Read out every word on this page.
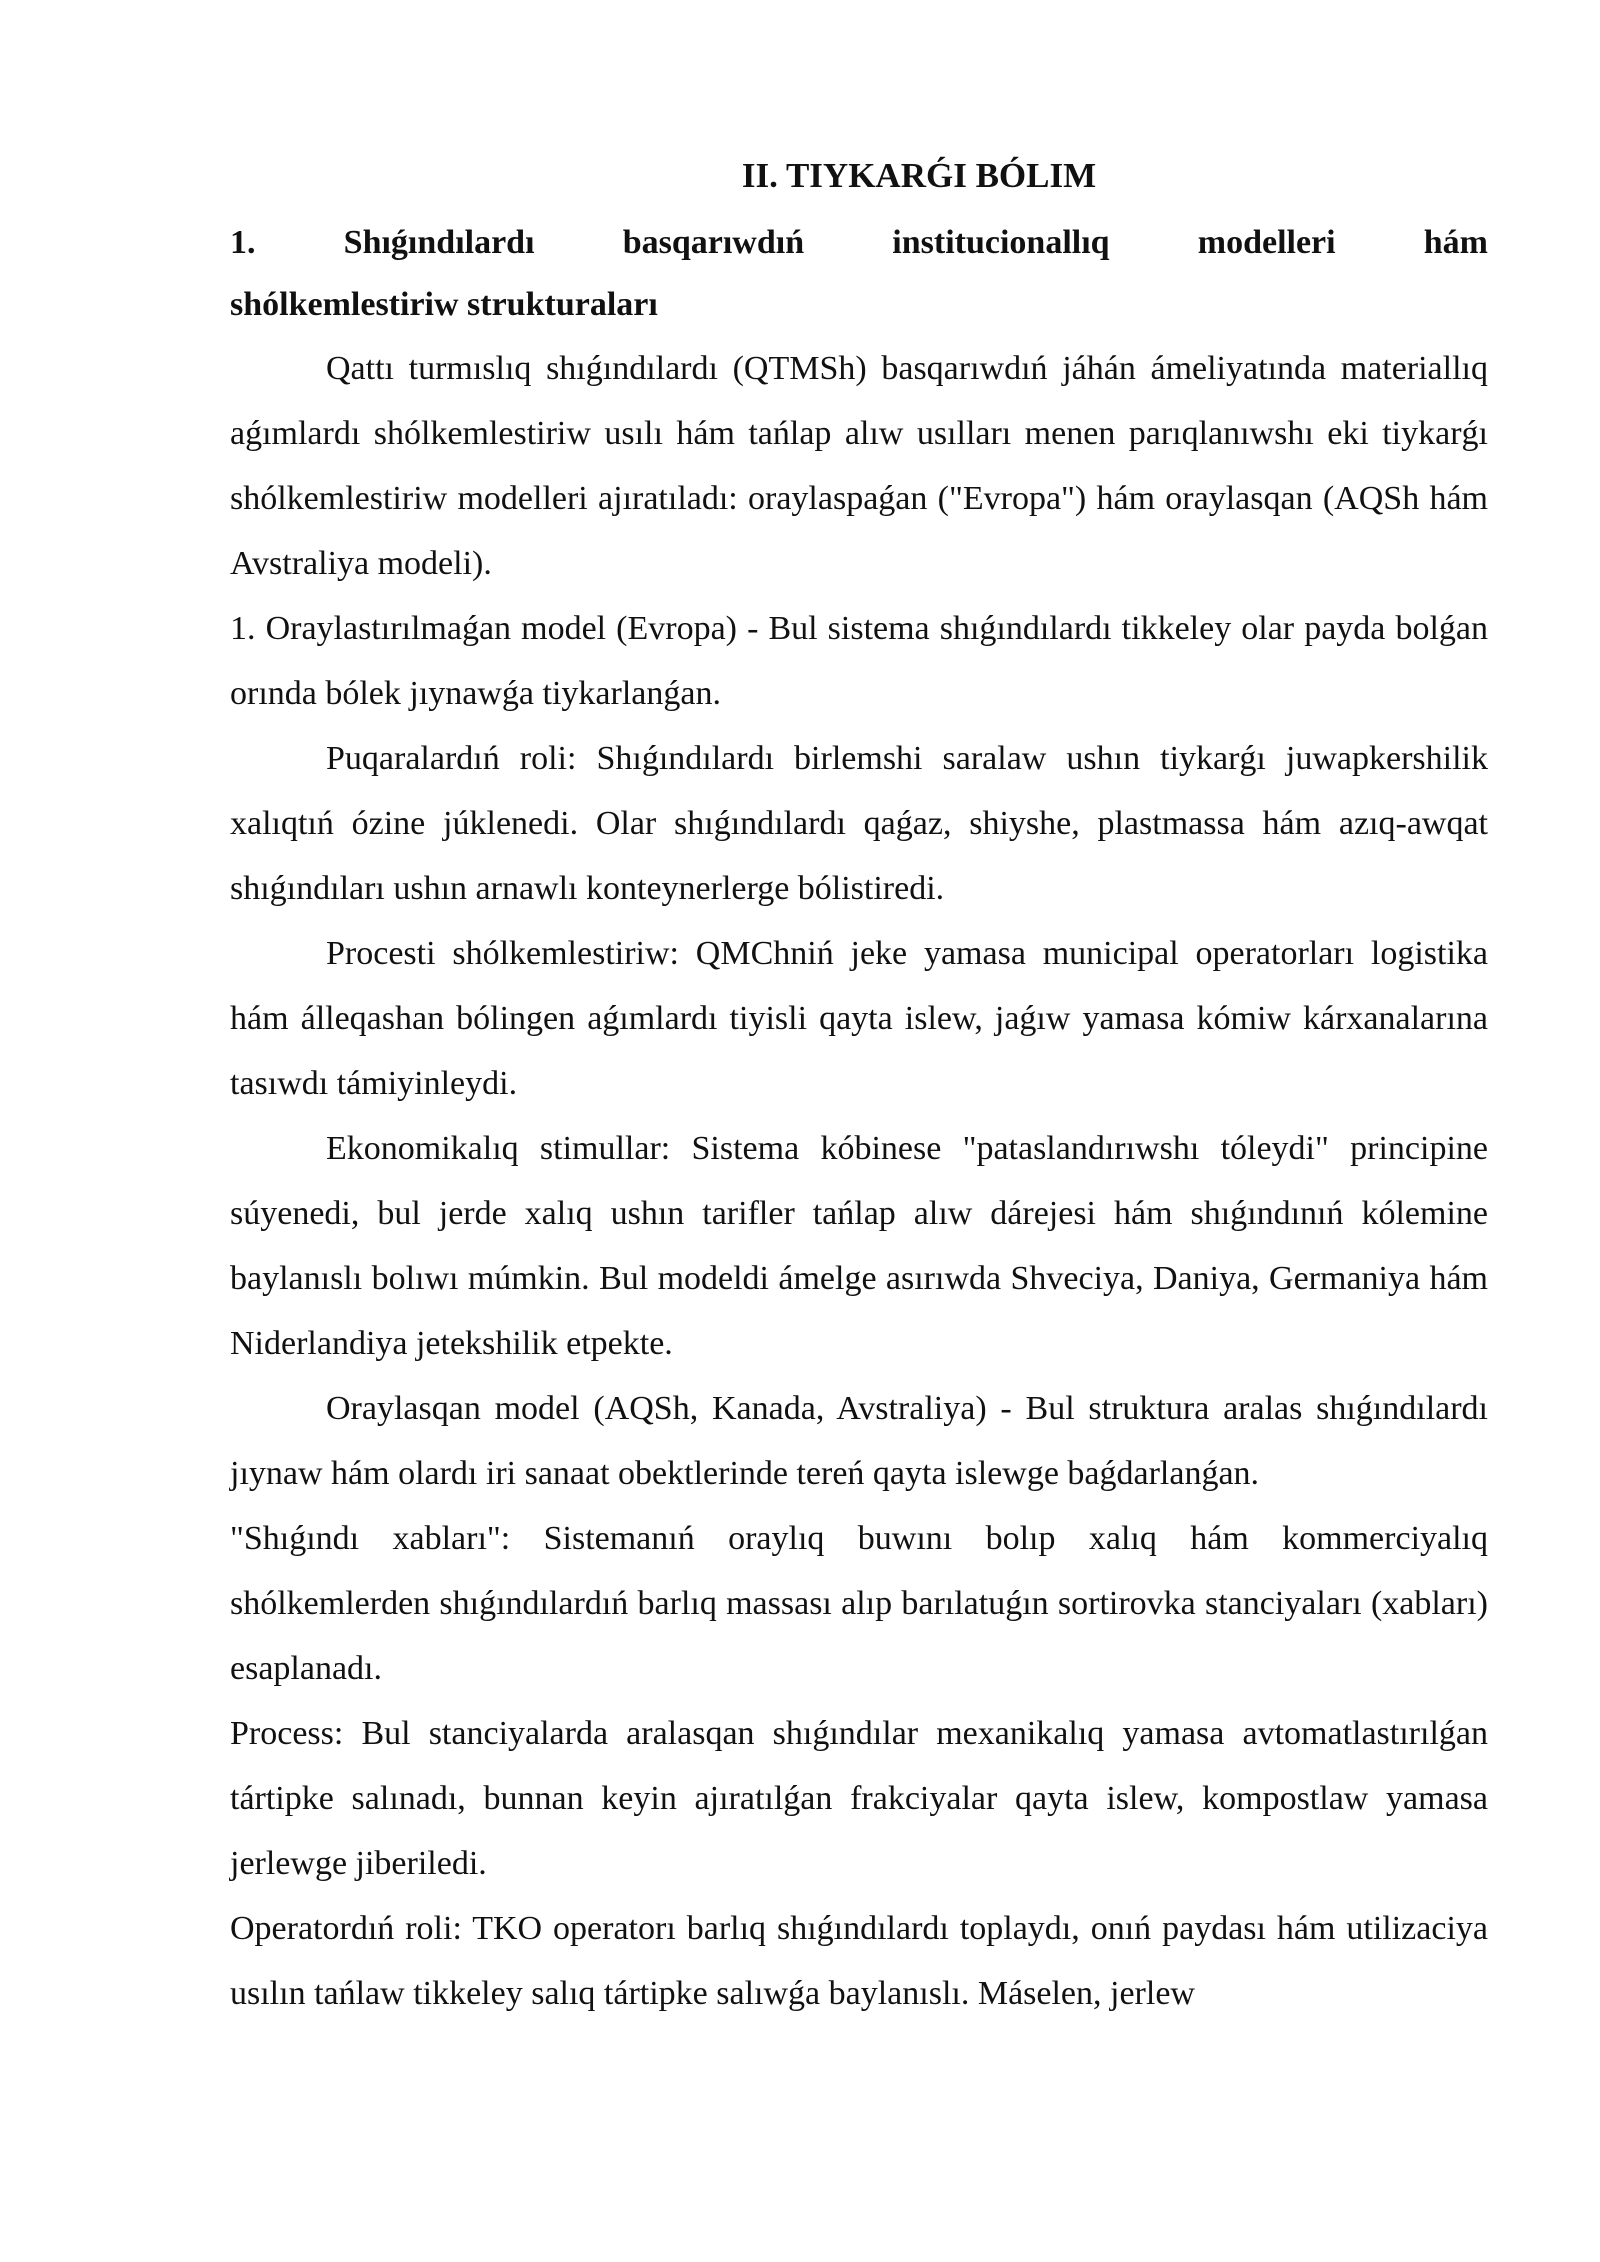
II. TIYKARǴI BÓLIM
1.	Shıǵındılardı	basqarıwdıń	institucionallıq	modelleri	hám
shólkemlestiriw strukturaları

Qattı turmıslıq shıǵındılardı (QTMSh) basqarıwdıń jáhán ámeliyatında materiallıq aǵımlardı shólkemlestiriw usılı hám tańlap alıw usılları menen parıqlanıwshı eki tiykarǵı shólkemlestiriw modelleri ajıratıladı: oraylaspaǵan ("Evropa") hám oraylasqan (AQSh hám Avstraliya modeli).

1. Oraylastırılmaǵan model (Evropa) - Bul sistema shıǵındılardı tikkeley olar payda bolǵan orında bólek jıynawǵa tiykarlanǵan.

Puqaralardıń roli: Shıǵındılardı birlemshi saralaw ushın tiykarǵı juwapkershilik xalıqtıń ózine júklenedi. Olar shıǵındılardı qaǵaz, shiyshe, plastmassa hám azıq-awqat shıǵındıları ushın arnawlı konteynerlerge bólistiredi.

Procesti shólkemlestiriw: QMChniń jeke yamasa municipal operatorları logistika hám álleqashan bólingen aǵımlardı tiyisli qayta islew, jaǵıw yamasa kómiw kárxanalarına tasıwdı támiyinleydi.

Ekonomikalıq stimullar: Sistema kóbinese "pataslandırıwshı tóleydi" principine súyenedi, bul jerde xalıq ushın tarifler tańlap alıw dárejesi hám shıǵındınıń kólemine baylanıslı bolıwı múmkin. Bul modeldi ámelge asırıwda Shveciya, Daniya, Germaniya hám Niderlandiya jetekshilik etpekte.

Oraylasqan model (AQSh, Kanada, Avstraliya) - Bul struktura aralas shıǵındılardı jıynaw hám olardı iri sanaat obektlerinde tereń qayta islewge baǵdarlanǵan.

"Shıǵındı xabları": Sistemanıń oraylıq buwını bolıp xalıq hám kommerciyalıq shólkemlerden shıǵındılardıń barlıq massası alıp barılatuǵın sortirovka stanciyaları (xabları) esaplanadı.

Process: Bul stanciyalarda aralasqan shıǵındılar mexanikalıq yamasa avtomatlastırılǵan tártipke salınadı, bunnan keyin ajıratılǵan frakciyalar qayta islew, kompostlaw yamasa jerlewge jiberiledi.

Operatordıń roli: TKO operatorı barlıq shıǵındılardı toplaydı, onıń paydası hám utilizaciya usılın tańlaw tikkeley salıq tártipke salıwǵa baylanıslı. Máselen, jerlew
